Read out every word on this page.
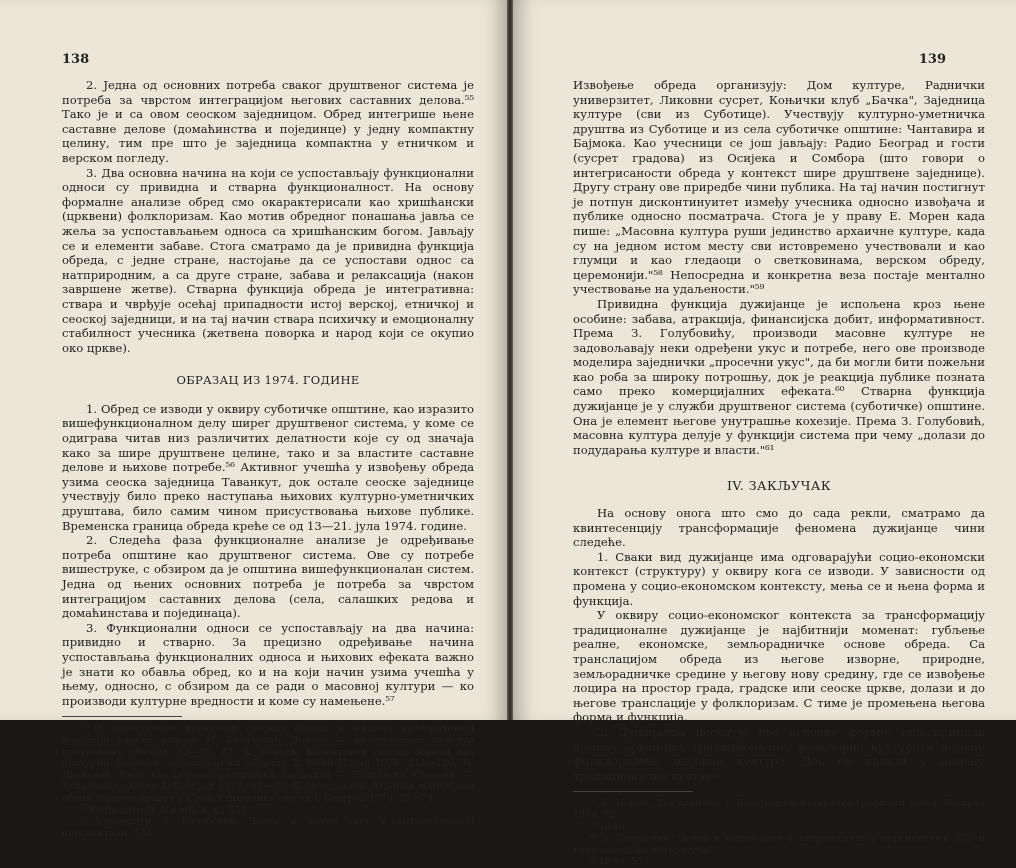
138

2. Једна од основних потреба сваког друштвеног система је потреба за чврстом интеграцијом његових саставних делова.⁵⁵ Тако је и са овом сеоском заједницом. Обред интегрише њене саставне делове (домаћинства и појединце) у једну компактну целину, тим пре што је заједница компактна у етничком и верском погледу.

3. Два основна начина на који се успостављају функционални односи су привидна и стварна функционалност. На основу формалне анализе обред смо окарактерисали као хришћански (црквени) фолклоризам. Као мотив обредног понашања јавља се жеља за успостављањем односа са хришћанским богом. Јављају се и елементи забаве. Стога сматрамо да је привидна функција обреда, с једне стране, настојање да се успостави однос са натприродним, а са друге стране, забава и релаксација (након завршене жетве). Стварна функција обреда је интегративна: ствара и чврђује осећај припадности истој верској, етничкој и сеоској заједници, и на тај начин ствара психичку и емоционалну стабилност учесника (жетвена поворка и народ који се окупио око цркве).

ОБРАЗАЦ ИЗ 1974. ГОДИНЕ

1. Обред се изводи у оквиру суботичке општине, као изразито вишефункционалном делу ширег друштвеног система, у коме се одиграва читав низ различитих делатности које су од значаја како за шире друштвене целине, тако и за властите саставне делове и њихове потребе.⁵⁶ Активног учешћа у извођењу обреда узима сеоска заједница Таванкут, док остале сеоске заједнице учествују било преко наступања њихових културно-уметничких друштава, било самим чином присуствовања њихове публике. Временска граница обреда креће се од 13—21. јула 1974. године.

2. Следећа фаза функционалне анализе је одређивање потреба општине као друштвеног система. Ове су потребе вишеструке, с обзиром да је општина вишефункционалан систем. Једна од њених основних потреба је потреба за чврстом интеграцијом саставних делова (села, салашких редова и домаћинстава и појединаца).

3. Функционални односи се успостављају на два начина: привидно и стварно. За прецизно одређивање начина успостављања функционалних односа и њихових ефеката важно је знати ко обавља обред, ко и на који начин узима учешћа у њему, односно, с обзиром да се ради о масовној култури — ко производи културне вредности и коме су намењене.⁵⁷

⁵⁵ О колективном карактеру сеоских обреда и њиховој интегративној функцији видети радове: И. Ковачевић, Додоле — интегративни приступ проучавању обичаја, 83—85, 87; А. Банђић, Колективни сеоски обреди као културни феномен, Новопазарски зборник 2, Нови Пазар 1978, 111—120; Н. Павковић, Село као обредно-религијска заједница — Балкански Словени —, Етнолошке свеске I, Београд 1978, 51—65; Б. Вучурађија, Аграрна магија као облик обредне праксе у Срба, Етнолошке свеске I, Београд 1978, 72—74.

⁵⁶ Упоредити В. Милић, н. д., 556.

⁵⁷ Упоредити З. Голубовић, Човек и његов свет у антрополошкој перспективи, 534.

139

Извођење обреда организују: Дом културе, Раднички универзитет, Ликовни сусрет, Коњички клуб „Бачка", Заједница културе (сви из Суботице). Учествују културно-уметничка друштва из Суботице и из села суботичке општине: Чантавира и Бајмока. Као учесници се још јављају: Радио Београд и гости (сусрет градова) из Осијека и Сомбора (што говори о интегрисаности обреда у контекст шире друштвене заједнице). Другу страну ове приредбе чини публика. На тај начин постигнут је потпун дисконтинуитет између учесника односно извођача и публике односно посматрача. Стога је у праву Е. Морен када пише: „Масовна култура руши јединство архаичне културе, када су на једном истом месту сви истовремено учествовали и као глумци и као гледаоци о светковинама, верском обреду, церемонији."⁵⁸ Непосредна и конкретна веза постаје ментално учествовање на удаљености."⁵⁹

Привидна функција дужијанце је испољена кроз њене особине: забава, атракција, финансијска добит, информативност. Према З. Голубовићу, производи масовне културе не задовољавају неки одређени укус и потребе, него ове производе моделира заједнички „просечни укус", да би могли бити пожељни као роба за широку потрошњу, док је реакција публике позната само преко комерцијалних ефеката.⁶⁰ Стварна функција дужијанце је у служби друштвеног система (суботичке) општине. Она је елемент његове унутрашње кохезије. Према З. Голубовић, масовна култура делује у функцији система при чему „долази до подударања културе и власти."⁶¹

IV. ЗАКЉУЧАК

На основу онога што смо до сада рекли, сматрамо да квинтесенцију трансформације феномена дужијанце чини следеће.

1. Сваки вид дужијанце има одговарајући социо-економски контекст (структуру) у оквиру кога се изводи. У зависности од промена у социо-економском контексту, мења се и њена форма и функција.

У оквиру социо-економског контекста за трансформацију традиционалне дужијанце је најбитнији моменат: губљење реалне, економске, земљорадничке основе обреда. Са транслацијом обреда из његове изворне, природне, земљорадничке средине у његову нову средину, где се извођење лоцира на простор града, градске или сеоске цркве, долази и до његове транслације у фолклоризам. С тиме је промењена његова форма и функција.

2. Дужијанца поседује две основне форме: она припада домену архаичне, традиционалне, фолклорне културе и домену фолклоризма, масовне културе. Док се налази у домену традиционалне културе,

⁵⁸ Е. Морен, Дух времена 1, Београдски издавачко-графички завод, Београд 1979, 72.

⁵⁹ Исто.

⁶⁰ З. Голубовић, Човек и његов свет у антрополошкој перспективи, 535 и тамо наведена литература.

⁶¹ Исто, 533.
